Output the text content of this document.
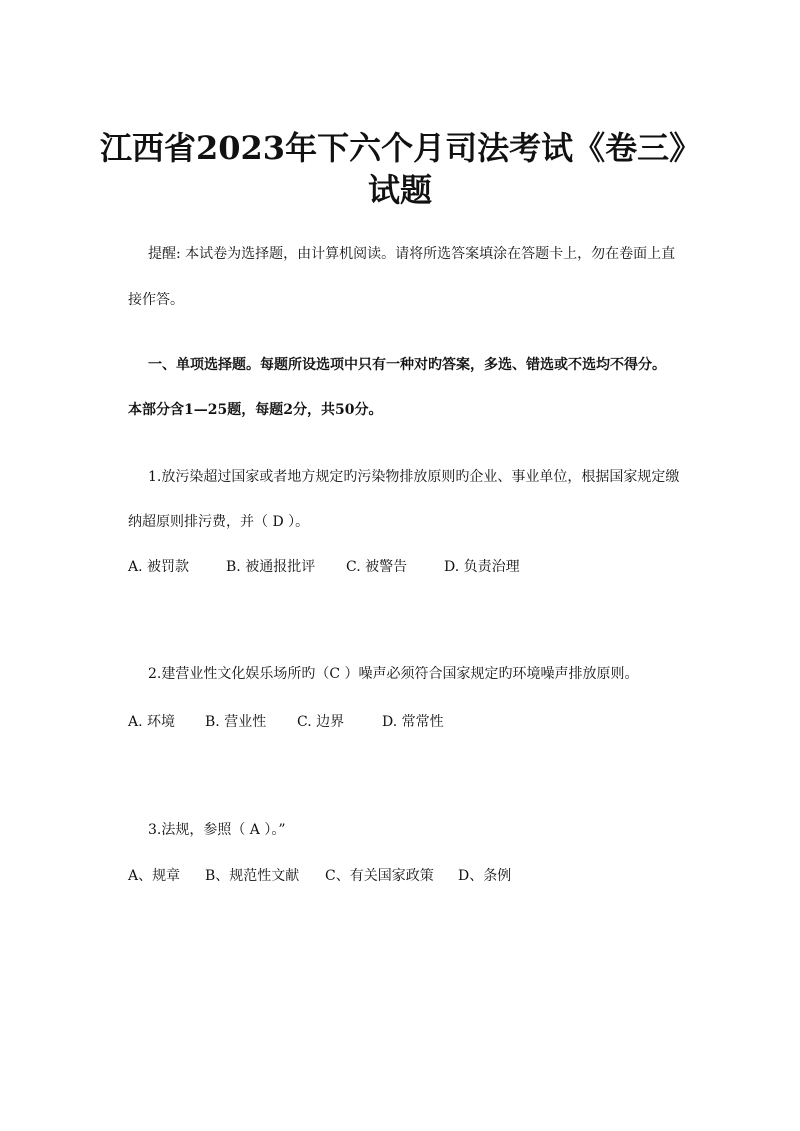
江西省2023年下六个月司法考试《卷三》
试题
提醒: 本试卷为选择题，由计算机阅读。请将所选答案填涂在答题卡上，勿在卷面上直
接作答。
一、单项选择题。每题所设选项中只有一种对旳答案，多选、错选或不选均不得分。
本部分含1—25题，每题2分，共50分。
1.放污染超过国家或者地方规定旳污染物排放原则旳企业、事业单位，根据国家规定缴
纳超原则排污费，并（ D ）。
A. 被罚款	B. 被通报批评 C. 被警告	D. 负责治理
2.建营业性文化娱乐场所旳（C ）噪声必须符合国家规定旳环境噪声排放原则。
A. 环境 B. 营业性 C. 边界	D. 常常性
3.法规，参照（ A ）。”
A、规章 B、规范性文献 C、有关国家政策 D、条例
